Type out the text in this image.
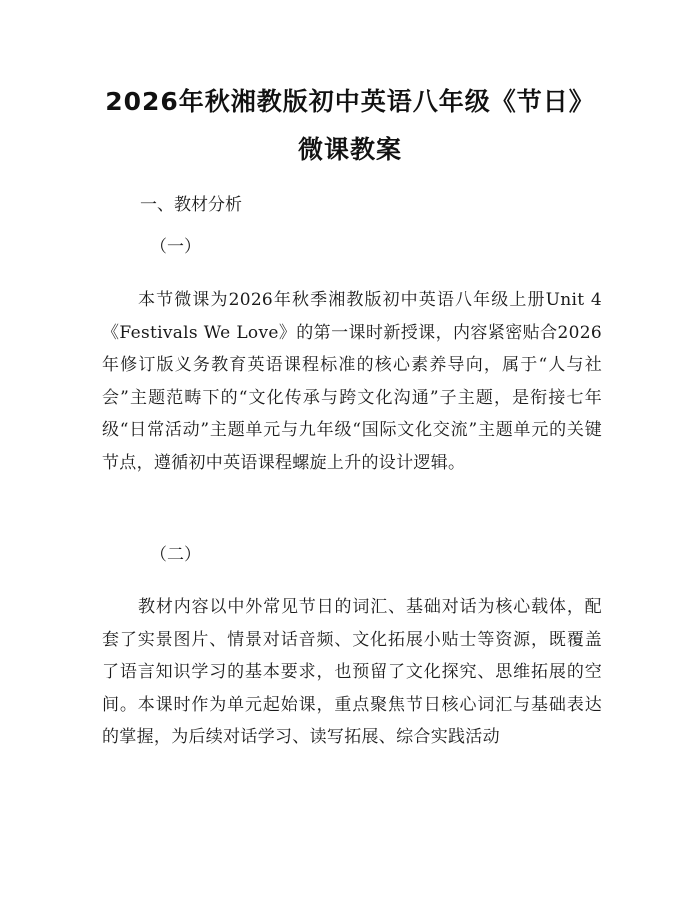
2026年秋湘教版初中英语八年级《节日》微课教案
一、教材分析
（一）
本节微课为2026年秋季湘教版初中英语八年级上册Unit 4《Festivals We Love》的第一课时新授课，内容紧密贴合2026年修订版义务教育英语课程标准的核心素养导向，属于“人与社会”主题范畴下的“文化传承与跨文化沟通”子主题，是衔接七年级“日常活动”主题单元与九年级“国际文化交流”主题单元的关键节点，遵循初中英语课程螺旋上升的设计逻辑。
（二）
教材内容以中外常见节日的词汇、基础对话为核心载体，配套了实景图片、情景对话音频、文化拓展小贴士等资源，既覆盖了语言知识学习的基本要求，也预留了文化探究、思维拓展的空间。本课时作为单元起始课，重点聚焦节日核心词汇与基础表达的掌握，为后续对话学习、读写拓展、综合实践活动
